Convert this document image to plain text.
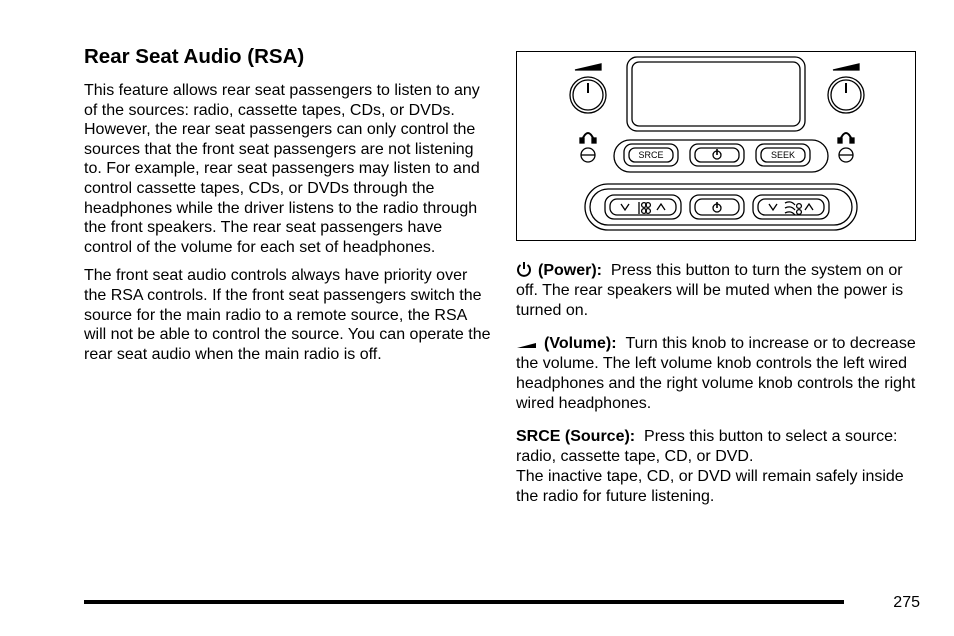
Rear Seat Audio (RSA)

This feature allows rear seat passengers to listen to any of the sources: radio, cassette tapes, CDs, or DVDs. However, the rear seat passengers can only control the sources that the front seat passengers are not listening to. For example, rear seat passengers may listen to and control cassette tapes, CDs, or DVDs through the headphones while the driver listens to the radio through the front speakers. The rear seat passengers have control of the volume for each set of headphones.

The front seat audio controls always have priority over the RSA controls. If the front seat passengers switch the source for the main radio to a remote source, the RSA will not be able to control the source. You can operate the rear seat audio when the main radio is off.

SRCE	SEEK

(Power): Press this button to turn the system on or off. The rear speakers will be muted when the power is turned on.

(Volume): Turn this knob to increase or to decrease the volume. The left volume knob controls the left wired headphones and the right volume knob controls the right wired headphones.

SRCE (Source): Press this button to select a source: radio, cassette tape, CD, or DVD.
The inactive tape, CD, or DVD will remain safely inside the radio for future listening.

275
